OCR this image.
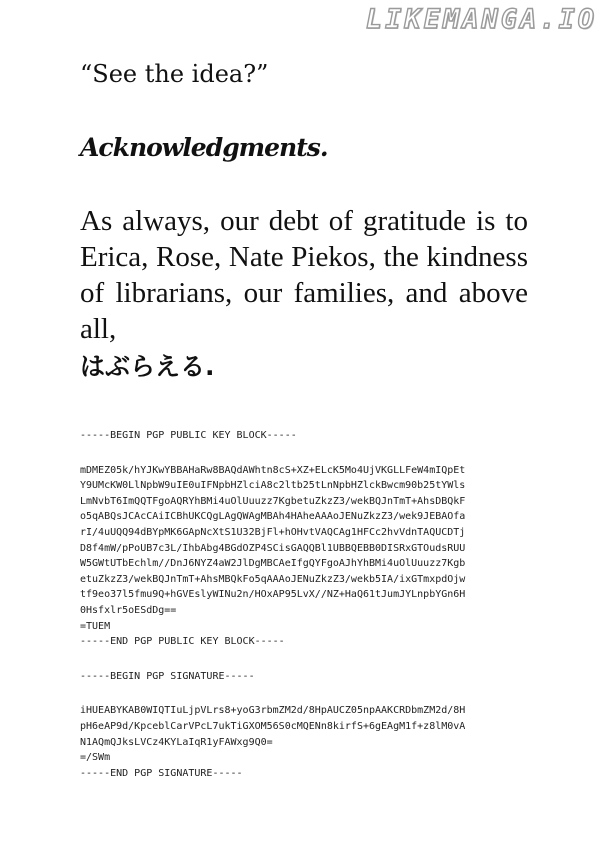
LIKEMANGA.IO
“See the idea?”
Acknowledgments.
As always, our debt of gratitude is to Erica, Rose, Nate Piekos, the kindness of librarians, our families, and above all,
はぶらえる.
-----BEGIN PGP PUBLIC KEY BLOCK-----
mDMEZ05k/hYJKwYBBAHaRw8BAQdAWhtn8cS+XZ+ELcK5Mo4UjVKGLLFeW4mIQpEt
Y9UMcKW0LlNpbW9uIE0uIFNpbHZlciA8c2ltb25tLnNpbHZlckBwcm90b25tYWls
LmNvbT6ImQQTFgoAQRYhBMi4uOlUuuzz7KgbetuZkzZ3/wekBQJnTmT+AhsDBQkF
o5qABQsJCAcCAiICBhUKCQgLAgQWAgMBAh4HAheAAAoJENuZkzZ3/wek9JEBAOfa
rI/4uUQQ94dBYpMK6GApNcXtS1U32BjFl+hOHvtVAQCAg1HFCc2hvVdnTAQUCDTj
D8f4mW/pPoUB7c3L/IhbAbg4BGdOZP4SCisGAQQBl1UBBQEBB0DISRxGTOudsRUU
W5GWtUTbEchlm//DnJ6NYZ4aW2JlDgMBCAeIfgQYFgoAJhYhBMi4uOlUuuzz7Kgb
etuZkzZ3/wekBQJnTmT+AhsMBQkFo5qAAAoJENuZkzZ3/wekb5IA/ixGTmxpdOjw
tf9eo37l5fmu9Q+hGVEslyWINu2n/HOxAP95LvX//NZ+HaQ61tJumJYLnpbYGn6H
0Hsfxlr5oESdDg==
=TUEM
-----END PGP PUBLIC KEY BLOCK-----
-----BEGIN PGP SIGNATURE-----
iHUEABYKAB0WIQTIuLjpVLrs8+yoG3rbmZM2d/8HpAUCZ05npAAKCRDbmZM2d/8H
pH6eAP9d/KpceblCarVPcL7ukTiGXOM56S0cMQENn8kirfS+6gEAgM1f+z8lM0vA
N1AQmQJksLVCz4KYLaIqR1yFAWxg9Q0=
=/SWm
-----END PGP SIGNATURE-----
